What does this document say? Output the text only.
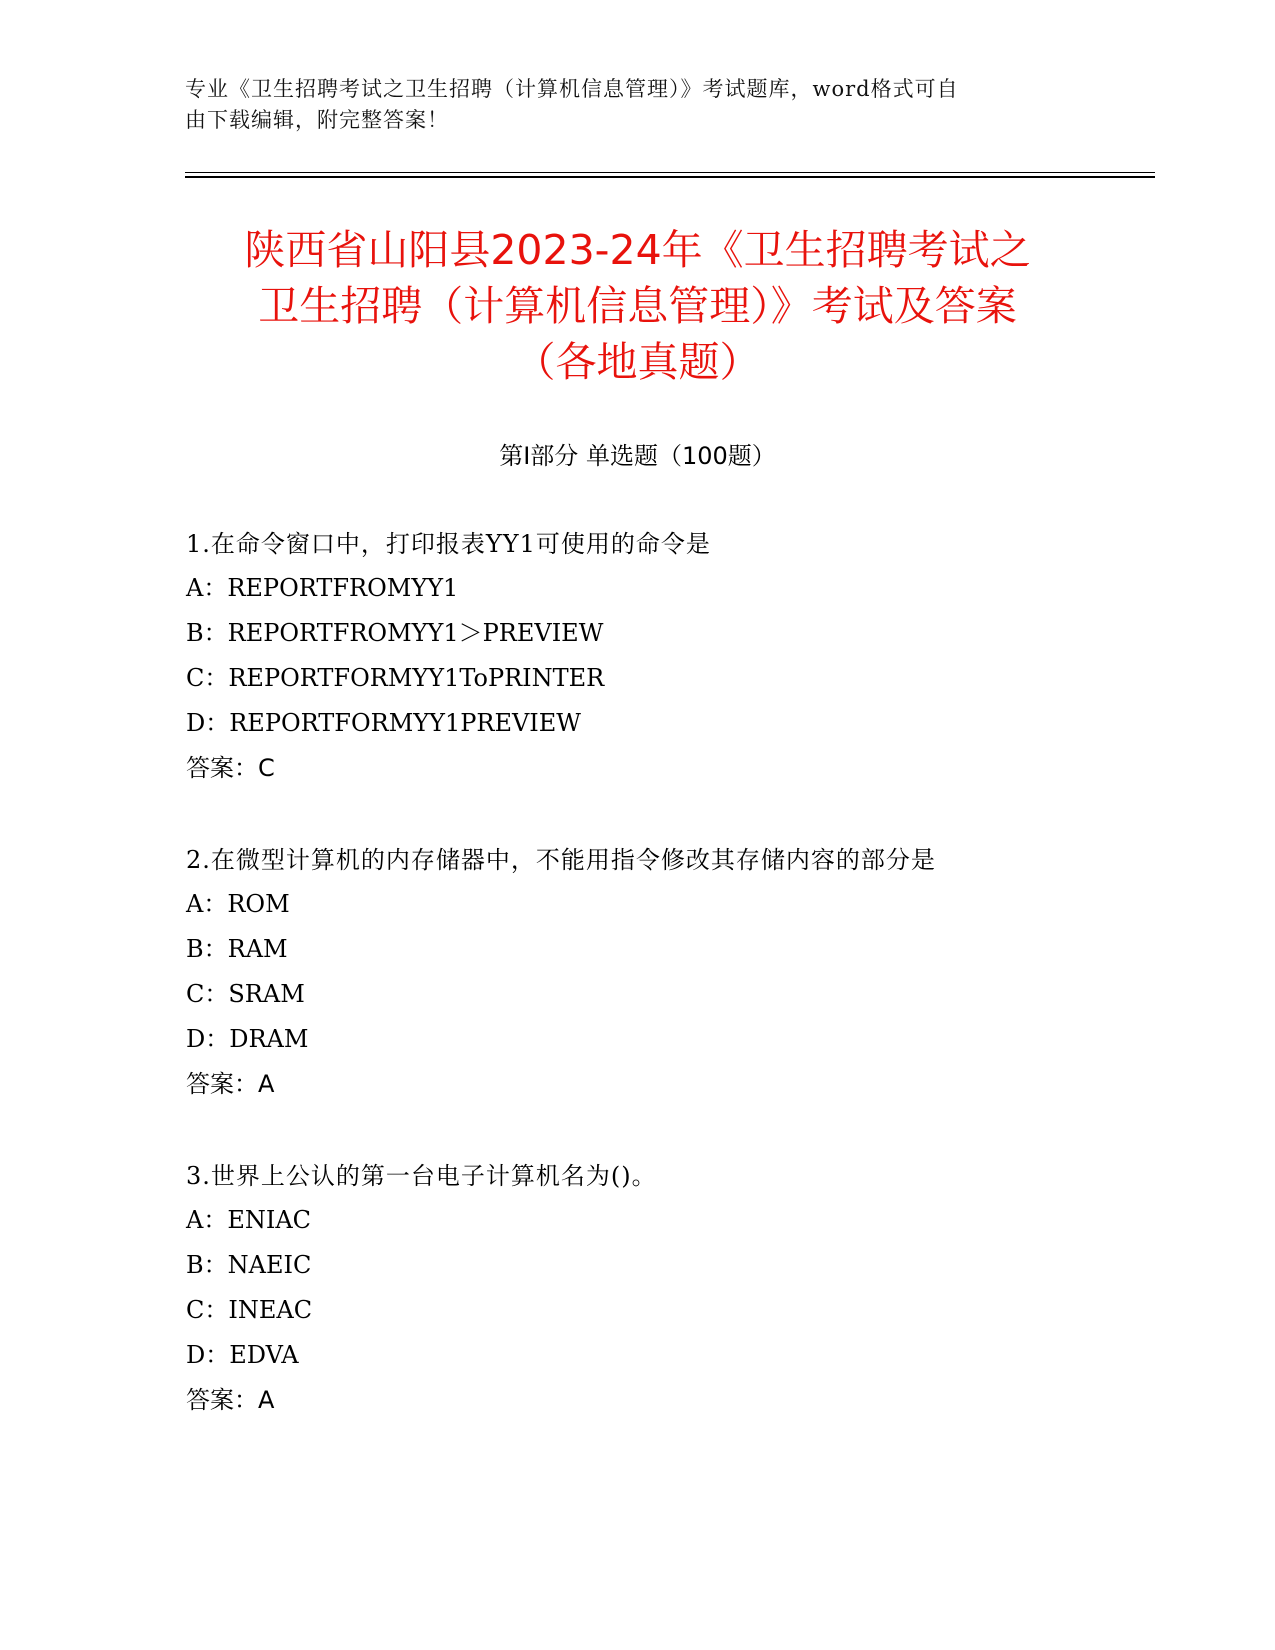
专业《卫生招聘考试之卫生招聘（计算机信息管理）》考试题库，word格式可自
由下载编辑，附完整答案！
陕西省山阳县2023-24年《卫生招聘考试之
卫生招聘（计算机信息管理）》考试及答案
（各地真题）
第Ⅰ部分 单选题（100题）
1.在命令窗口中，打印报表YY1可使用的命令是
A：REPORTFROMYY1
B：REPORTFROMYY1＞PREVIEW
C：REPORTFORMYY1ToPRINTER
D：REPORTFORMYY1PREVIEW
答案：C
2.在微型计算机的内存储器中，不能用指令修改其存储内容的部分是
A：ROM
B：RAM
C：SRAM
D：DRAM
答案：A
3.世界上公认的第一台电子计算机名为()。
A：ENIAC
B：NAEIC
C：INEAC
D：EDVA
答案：A
